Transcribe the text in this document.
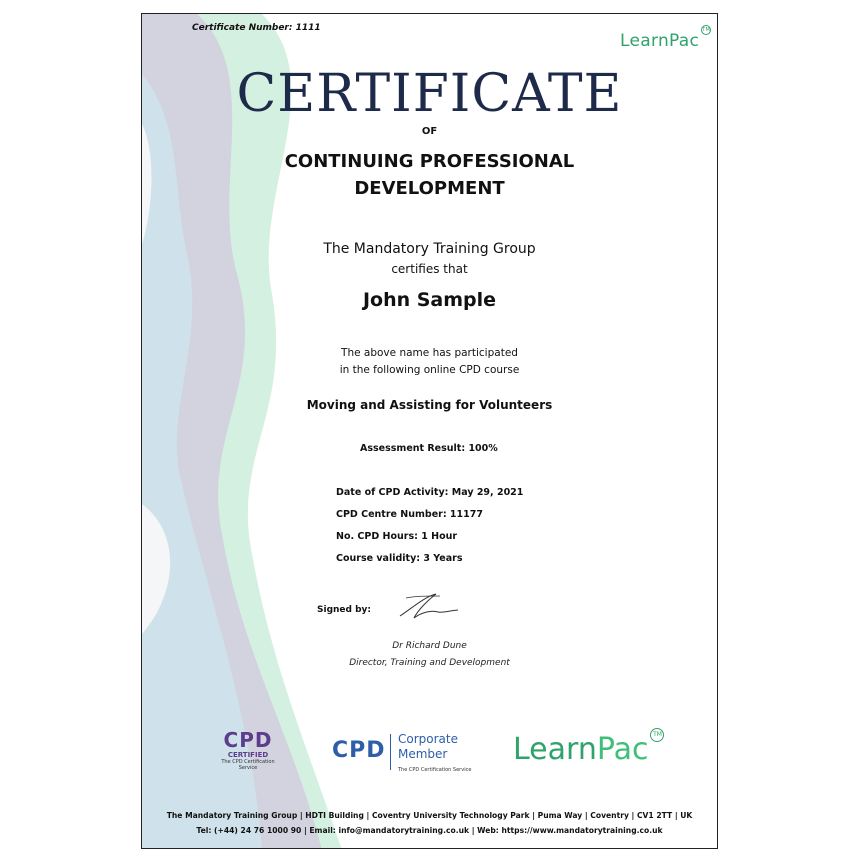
Certificate Number: 1111
LearnPac
TM
CERTIFICATE
OF
CONTINUING PROFESSIONAL
DEVELOPMENT
The Mandatory Training Group
certifies that
John Sample
The above name has participated
in the following online CPD course
Moving and Assisting for Volunteers
Assessment Result: 100%
Date of CPD Activity: May 29, 2021
CPD Centre Number: 11177
No. CPD Hours: 1 Hour
Course validity: 3 Years
Signed by:
Dr Richard Dune
Director, Training and Development
CPD
CERTIFIED
The CPD Certification Service
CPD Corporate
Member
The CPD Certification Service
LearnPac TM
The Mandatory Training Group | HDTI Building | Coventry University Technology Park | Puma Way | Coventry | CV1 2TT | UK
Tel: (+44) 24 76 1000 90 | Email: info@mandatorytraining.co.uk | Web: https://www.mandatorytraining.co.uk
